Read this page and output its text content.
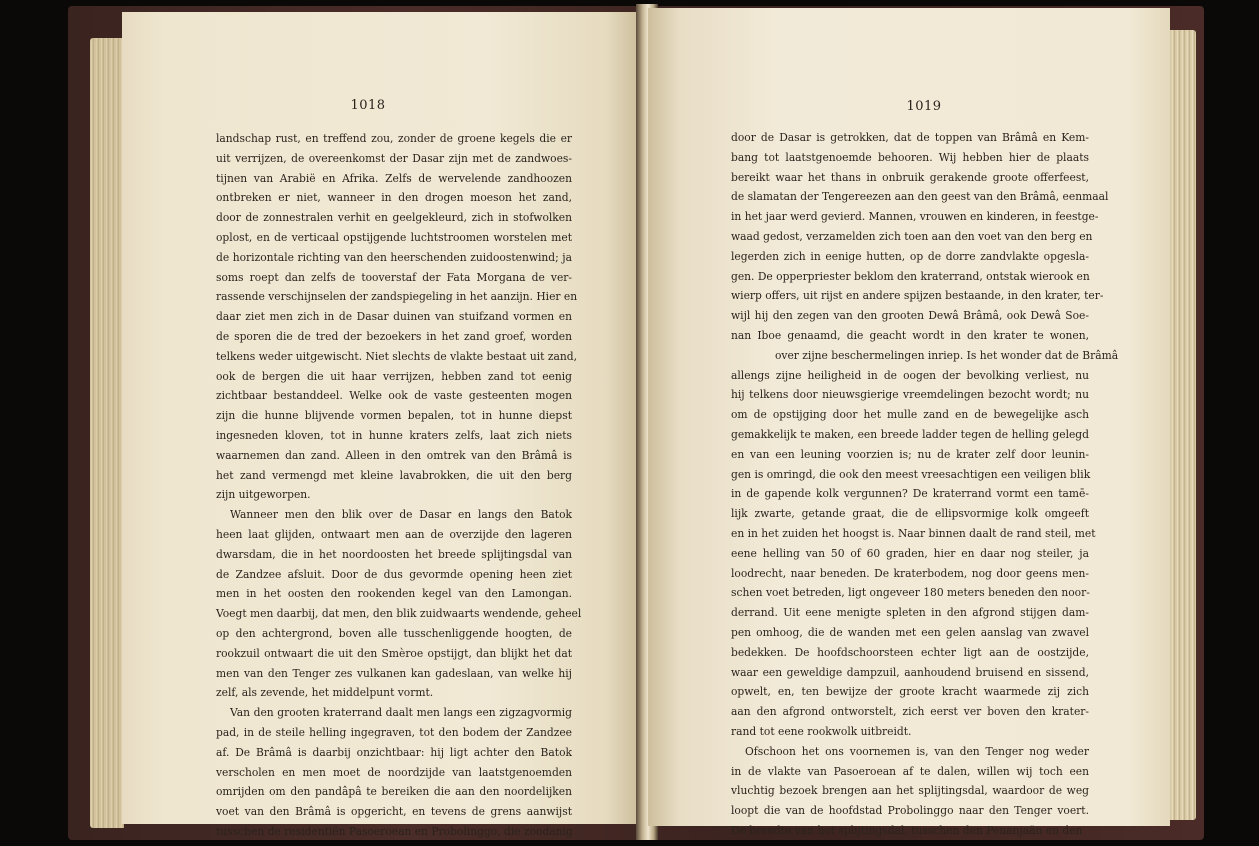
1018
landschap rust, en treffend zou, zonder de groene kegels die er
uit verrijzen, de overeenkomst der Dasar zijn met de zandwoes-
tijnen van Arabië en Afrika. Zelfs de wervelende zandhoozen
ontbreken er niet, wanneer in den drogen moeson het zand,
door de zonnestralen verhit en geelgekleurd, zich in stofwolken
oplost, en de verticaal opstijgende luchtstroomen worstelen met
de horizontale richting van den heerschenden zuidoostenwind; ja
soms roept dan zelfs de tooverstaf der Fata Morgana de ver-
rassende verschijnselen der zandspiegeling in het aanzijn. Hier en
daar ziet men zich in de Dasar duinen van stuifzand vormen en
de sporen die de tred der bezoekers in het zand groef, worden
telkens weder uitgewischt. Niet slechts de vlakte bestaat uit zand,
ook de bergen die uit haar verrijzen, hebben zand tot eenig
zichtbaar bestanddeel. Welke ook de vaste gesteenten mogen
zijn die hunne blijvende vormen bepalen, tot in hunne diepst
ingesneden kloven, tot in hunne kraters zelfs, laat zich niets
waarnemen dan zand. Alleen in den omtrek van den Brâmâ is
het zand vermengd met kleine lavabrokken, die uit den berg
zijn uitgeworpen.
Wanneer men den blik over de Dasar en langs den Batok
heen laat glijden, ontwaart men aan de overzijde den lageren
dwarsdam, die in het noordoosten het breede splijtingsdal van
de Zandzee afsluit. Door de dus gevormde opening heen ziet
men in het oosten den rookenden kegel van den Lamongan.
Voegt men daarbij, dat men, den blik zuidwaarts wendende, geheel
op den achtergrond, boven alle tusschenliggende hoogten, de
rookzuil ontwaart die uit den Smèroe opstijgt, dan blijkt het dat
men van den Tenger zes vulkanen kan gadeslaan, van welke hij
zelf, als zevende, het middelpunt vormt.
Van den grooten kraterrand daalt men langs een zigzagvormig
pad, in de steile helling ingegraven, tot den bodem der Zandzee
af. De Brâmâ is daarbij onzichtbaar: hij ligt achter den Batok
verscholen en men moet de noordzijde van laatstgenoemden
omrijden om den pandâpâ te bereiken die aan den noordelijken
voet van den Brâmâ is opgericht, en tevens de grens aanwijst
tusschen de residentiën Pasoeroean en Probolinggo, die zoodanig
1019
door de Dasar is getrokken, dat de toppen van Brâmâ en Kem-
bang tot laatstgenoemde behooren. Wij hebben hier de plaats
bereikt waar het thans in onbruik gerakende groote offerfeest,
de slamatan der Tengereezen aan den geest van den Brâmâ, eenmaal
in het jaar werd gevierd. Mannen, vrouwen en kinderen, in feestge-
waad gedost, verzamelden zich toen aan den voet van den berg en
legerden zich in eenige hutten, op de dorre zandvlakte opgesla-
gen. De opperpriester beklom den kraterrand, ontstak wierook en
wierp offers, uit rijst en andere spijzen bestaande, in den krater, ter-
wijl hij den zegen van den grooten Dewâ Brâmâ, ook Dewâ Soe-
nan Iboe genaamd, die geacht wordt in den krater te wonen,
over zijne beschermelingen inriep. Is het wonder dat de Brâmâ
allengs zijne heiligheid in de oogen der bevolking verliest, nu
hij telkens door nieuwsgierige vreemdelingen bezocht wordt; nu
om de opstijging door het mulle zand en de bewegelijke asch
gemakkelijk te maken, een breede ladder tegen de helling gelegd
en van een leuning voorzien is; nu de krater zelf door leunin-
gen is omringd, die ook den meest vreesachtigen een veiligen blik
in de gapende kolk vergunnen? De kraterrand vormt een tamē-
lijk zwarte, getande graat, die de ellipsvormige kolk omgeeft
en in het zuiden het hoogst is. Naar binnen daalt de rand steil, met
eene helling van 50 of 60 graden, hier en daar nog steiler, ja
loodrecht, naar beneden. De kraterbodem, nog door geens men-
schen voet betreden, ligt ongeveer 180 meters beneden den noor-
derrand. Uit eene menigte spleten in den afgrond stijgen dam-
pen omhoog, die de wanden met een gelen aanslag van zwavel
bedekken. De hoofdschoorsteen echter ligt aan de oostzijde,
waar een geweldige dampzuil, aanhoudend bruisend en sissend,
opwelt, en, ten bewijze der groote kracht waarmede zij zich
aan den afgrond ontworstelt, zich eerst ver boven den krater-
rand tot eene rookwolk uitbreidt.
Ofschoon het ons voornemen is, van den Tenger nog weder
in de vlakte van Pasoeroean af te dalen, willen wij toch een
vluchtig bezoek brengen aan het splijtingsdal, waardoor de weg
loopt die van de hoofdstad Probolinggo naar den Tenger voert.
De breedte van het splijtingsdal, tusschen den Penanjaän en den
